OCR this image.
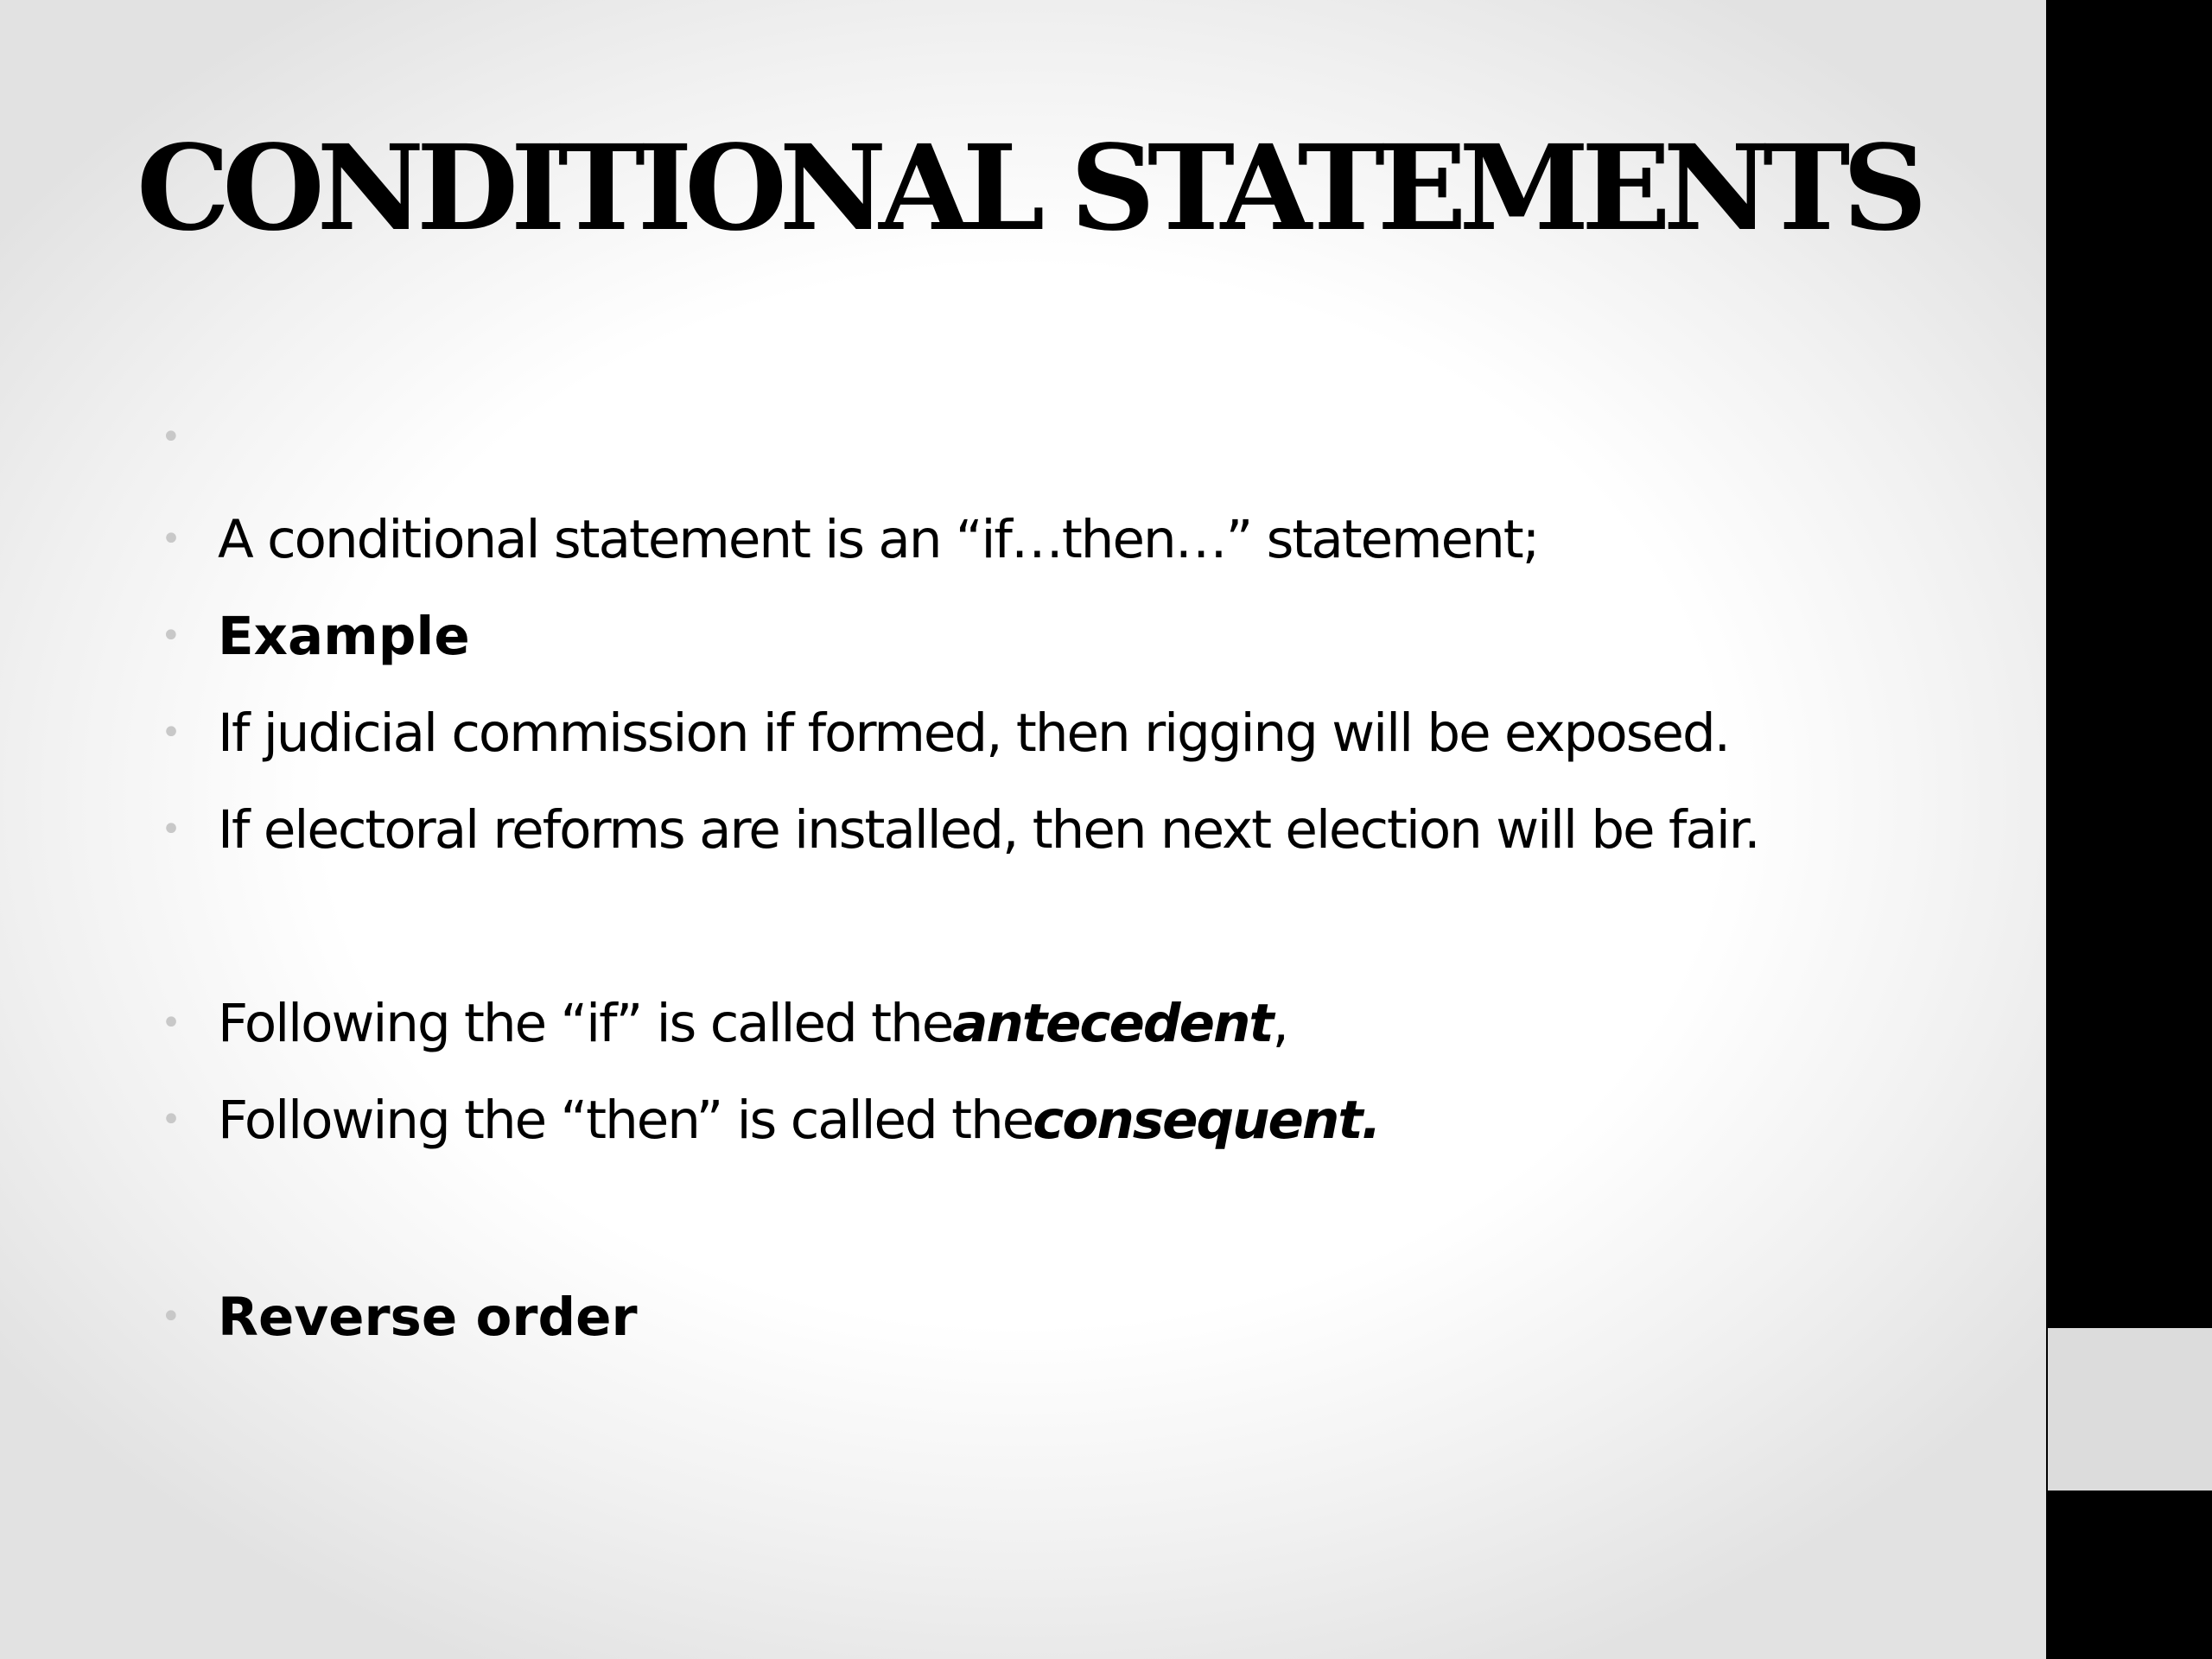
CONDITIONAL STATEMENTS
•
• A conditional statement is an “if…then…” statement;
• Example
• If judicial commission if formed, then rigging will be exposed.
• If electoral reforms are installed, then next election will be fair.
• Following the “if” is called the antecedent ,
• Following the “then” is called the consequent.
• Reverse order
